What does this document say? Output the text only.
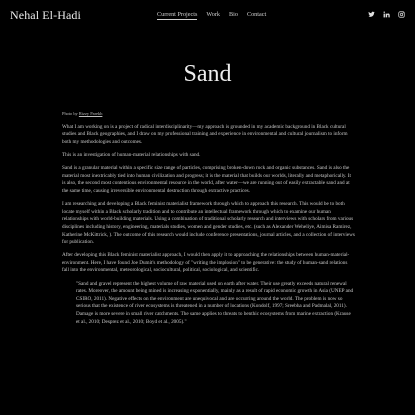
Nehal El-Hadi	Current Projects Work Bio Contact
Sand
Photo by Rizzy Parekh

What I am working on is a project of radical interdisciplinarity—my approach is grounded in my academic background in Black cultural studies and Black geographies, and I draw on my professional training and experience in environmental and cultural journalism to inform both my methodologies and outcomes.

This is an investigation of human-material relationships with sand.

Sand is a granular material within a specific size range of particles, comprising broken-down rock and organic substances. Sand is also the material most inextricably tied into human civilization and progress; it is the material that builds our worlds, literally and metaphorically. It is also, the second most contentious environmental resource in the world, after water—we are running out of easily extractable sand and at the same time, causing irreversible environmental destruction through extractive practices.

I am researching and developing a Black feminist materialist framework through which to approach this research. This would be to both locate myself within a Black scholarly tradition and to contribute an intellectual framework through which to examine our human relationships with world-building materials. Using a combination of traditional scholarly research and interviews with scholars from various disciplines including history, engineering, materials studies, women and gender studies, etc. (such as Alexander Weheliye, Aimisa Ramirez, Katherine McKittrick, ). The outcome of this research would include conference presentations, journal articles, and a collection of interviews for publication.

After developing this Black feminist materialist approach, I would then apply it to approaching the relationships between human-material-environment. Here, I have found Joe Dumit's methodology of "writing the implosion" to be generative: the study of human-sand relations fall into the environmental, meteorological, sociocultural, political, sociological, and scientific.

"Sand and gravel represent the highest volume of raw material used on earth after water. Their use greatly exceeds natural renewal rates. Moreover, the amount being mined is increasing exponentially, mainly as a result of rapid economic growth in Asia (UNEP and CSIRO, 2011). Negative effects on the environment are unequivocal and are occurring around the world. The problem is now so serious that the existence of river ecosystems is threatened in a number of locations (Kondolf, 1997; Sreebha and Padmalal, 2011). Damage is more severe in small river catchments. The same applies to threats to benthic ecosystems from marine extraction (Krause et al., 2010; Desprez et al., 2010; Boyd et al., 2005)."
